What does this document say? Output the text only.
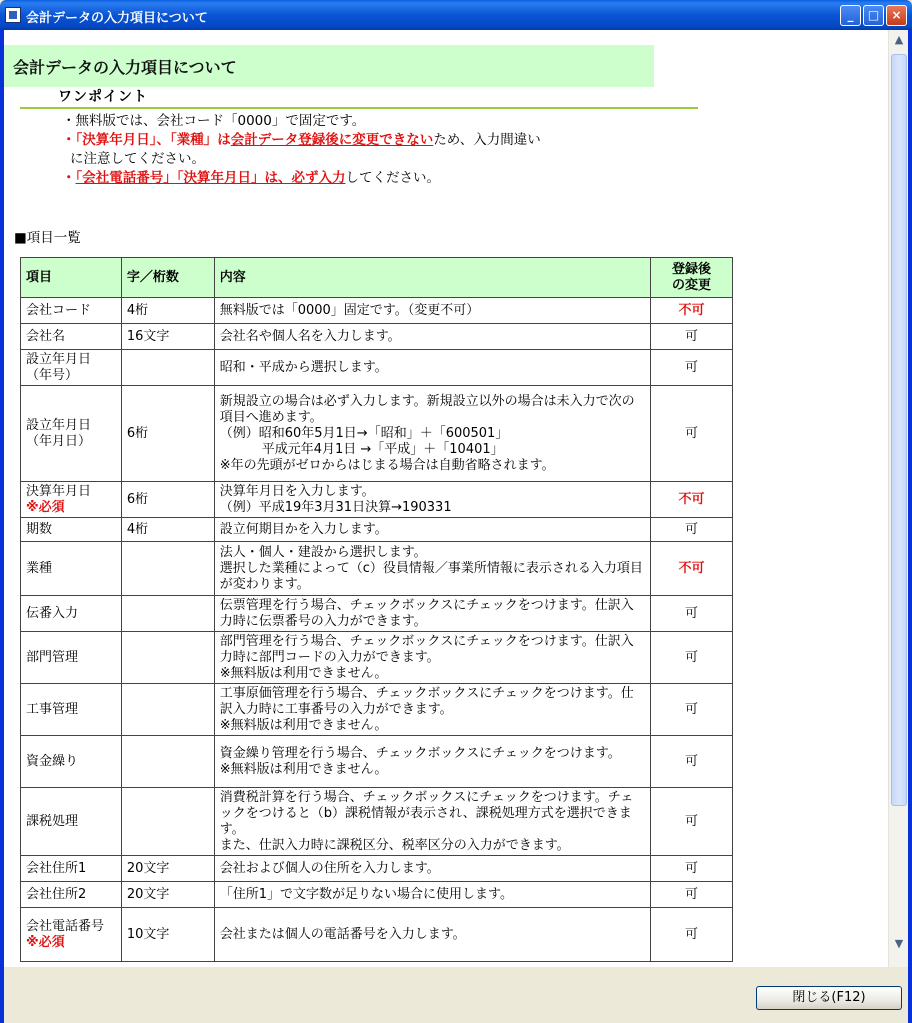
会計データの入力項目について	_	□	×
会計データの入力項目について
ワンポイント
・無料版では、会社コード「0000」で固定です。
・「決算年月日」、「業種」は会計データ登録後に変更できないため、入力間違い
に注意してください。
・「会社電話番号」「決算年月日」は、必ず入力してください。
■項目一覧
項目	字／桁数	内容	登録後
の変更
会社コード	4桁	無料版では「0000」固定です。（変更不可）	不可
会社名	16文字	会社名や個人名を入力します。	可
設立年月日
（年号）		昭和・平成から選択します。	可
設立年月日
（年月日）	6桁	新規設立の場合は必ず入力します。新規設立以外の場合は未入力で次の項目へ進めます。
（例）昭和60年5月1日→「昭和」＋「600501」

平成元年4月1日 →「平成」＋「10401」
※年の先頭がゼロからはじまる場合は自動省略されます。	可
決算年月日
※必須	6桁	決算年月日を入力します。
（例）平成19年3月31日決算→190331	不可
期数	4桁	設立何期目かを入力します。	可
業種		法人・個人・建設から選択します。
選択した業種によって（c）役員情報／事業所情報に表示される入力項目が変わります。	不可
伝番入力		伝票管理を行う場合、チェックボックスにチェックをつけます。仕訳入力時に伝票番号の入力ができます。	可
部門管理		部門管理を行う場合、チェックボックスにチェックをつけます。仕訳入力時に部門コードの入力ができます。
※無料版は利用できません。	可
工事管理		工事原価管理を行う場合、チェックボックスにチェックをつけます。仕訳入力時に工事番号の入力ができます。
※無料版は利用できません。	可
資金繰り		資金繰り管理を行う場合、チェックボックスにチェックをつけます。
※無料版は利用できません。	可
課税処理		消費税計算を行う場合、チェックボックスにチェックをつけます。チェックをつけると（b）課税情報が表示され、課税処理方式を選択できます。
また、仕訳入力時に課税区分、税率区分の入力ができます。	可
会社住所1	20文字	会社および個人の住所を入力します。	可
会社住所2	20文字	「住所1」で文字数が足りない場合に使用します。	可
会社電話番号
※必須	10文字	会社または個人の電話番号を入力します。	可
▲
▼
閉じる(F12)
